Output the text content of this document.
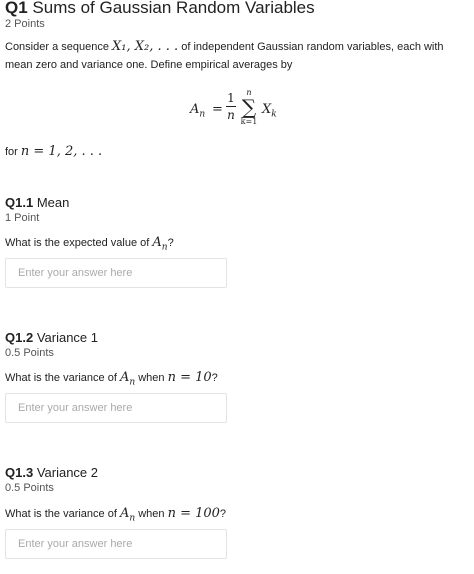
Q1 Sums of Gaussian Random Variables
2 Points
Consider a sequence X₁, X₂, . . . of independent Gaussian random variables, each with mean zero and variance one. Define empirical averages by
$A_n$ =
1
n
n
∑
k=1
$X_k$
for n = 1, 2, . . .
Q1.1 Mean
1 Point
What is the expected value of $A_n$?
Enter your answer here
Q1.2 Variance 1
0.5 Points
What is the variance of $A_n$ when n = 10?
Enter your answer here
Q1.3 Variance 2
0.5 Points
What is the variance of $A_n$ when n = 100?
Enter your answer here
